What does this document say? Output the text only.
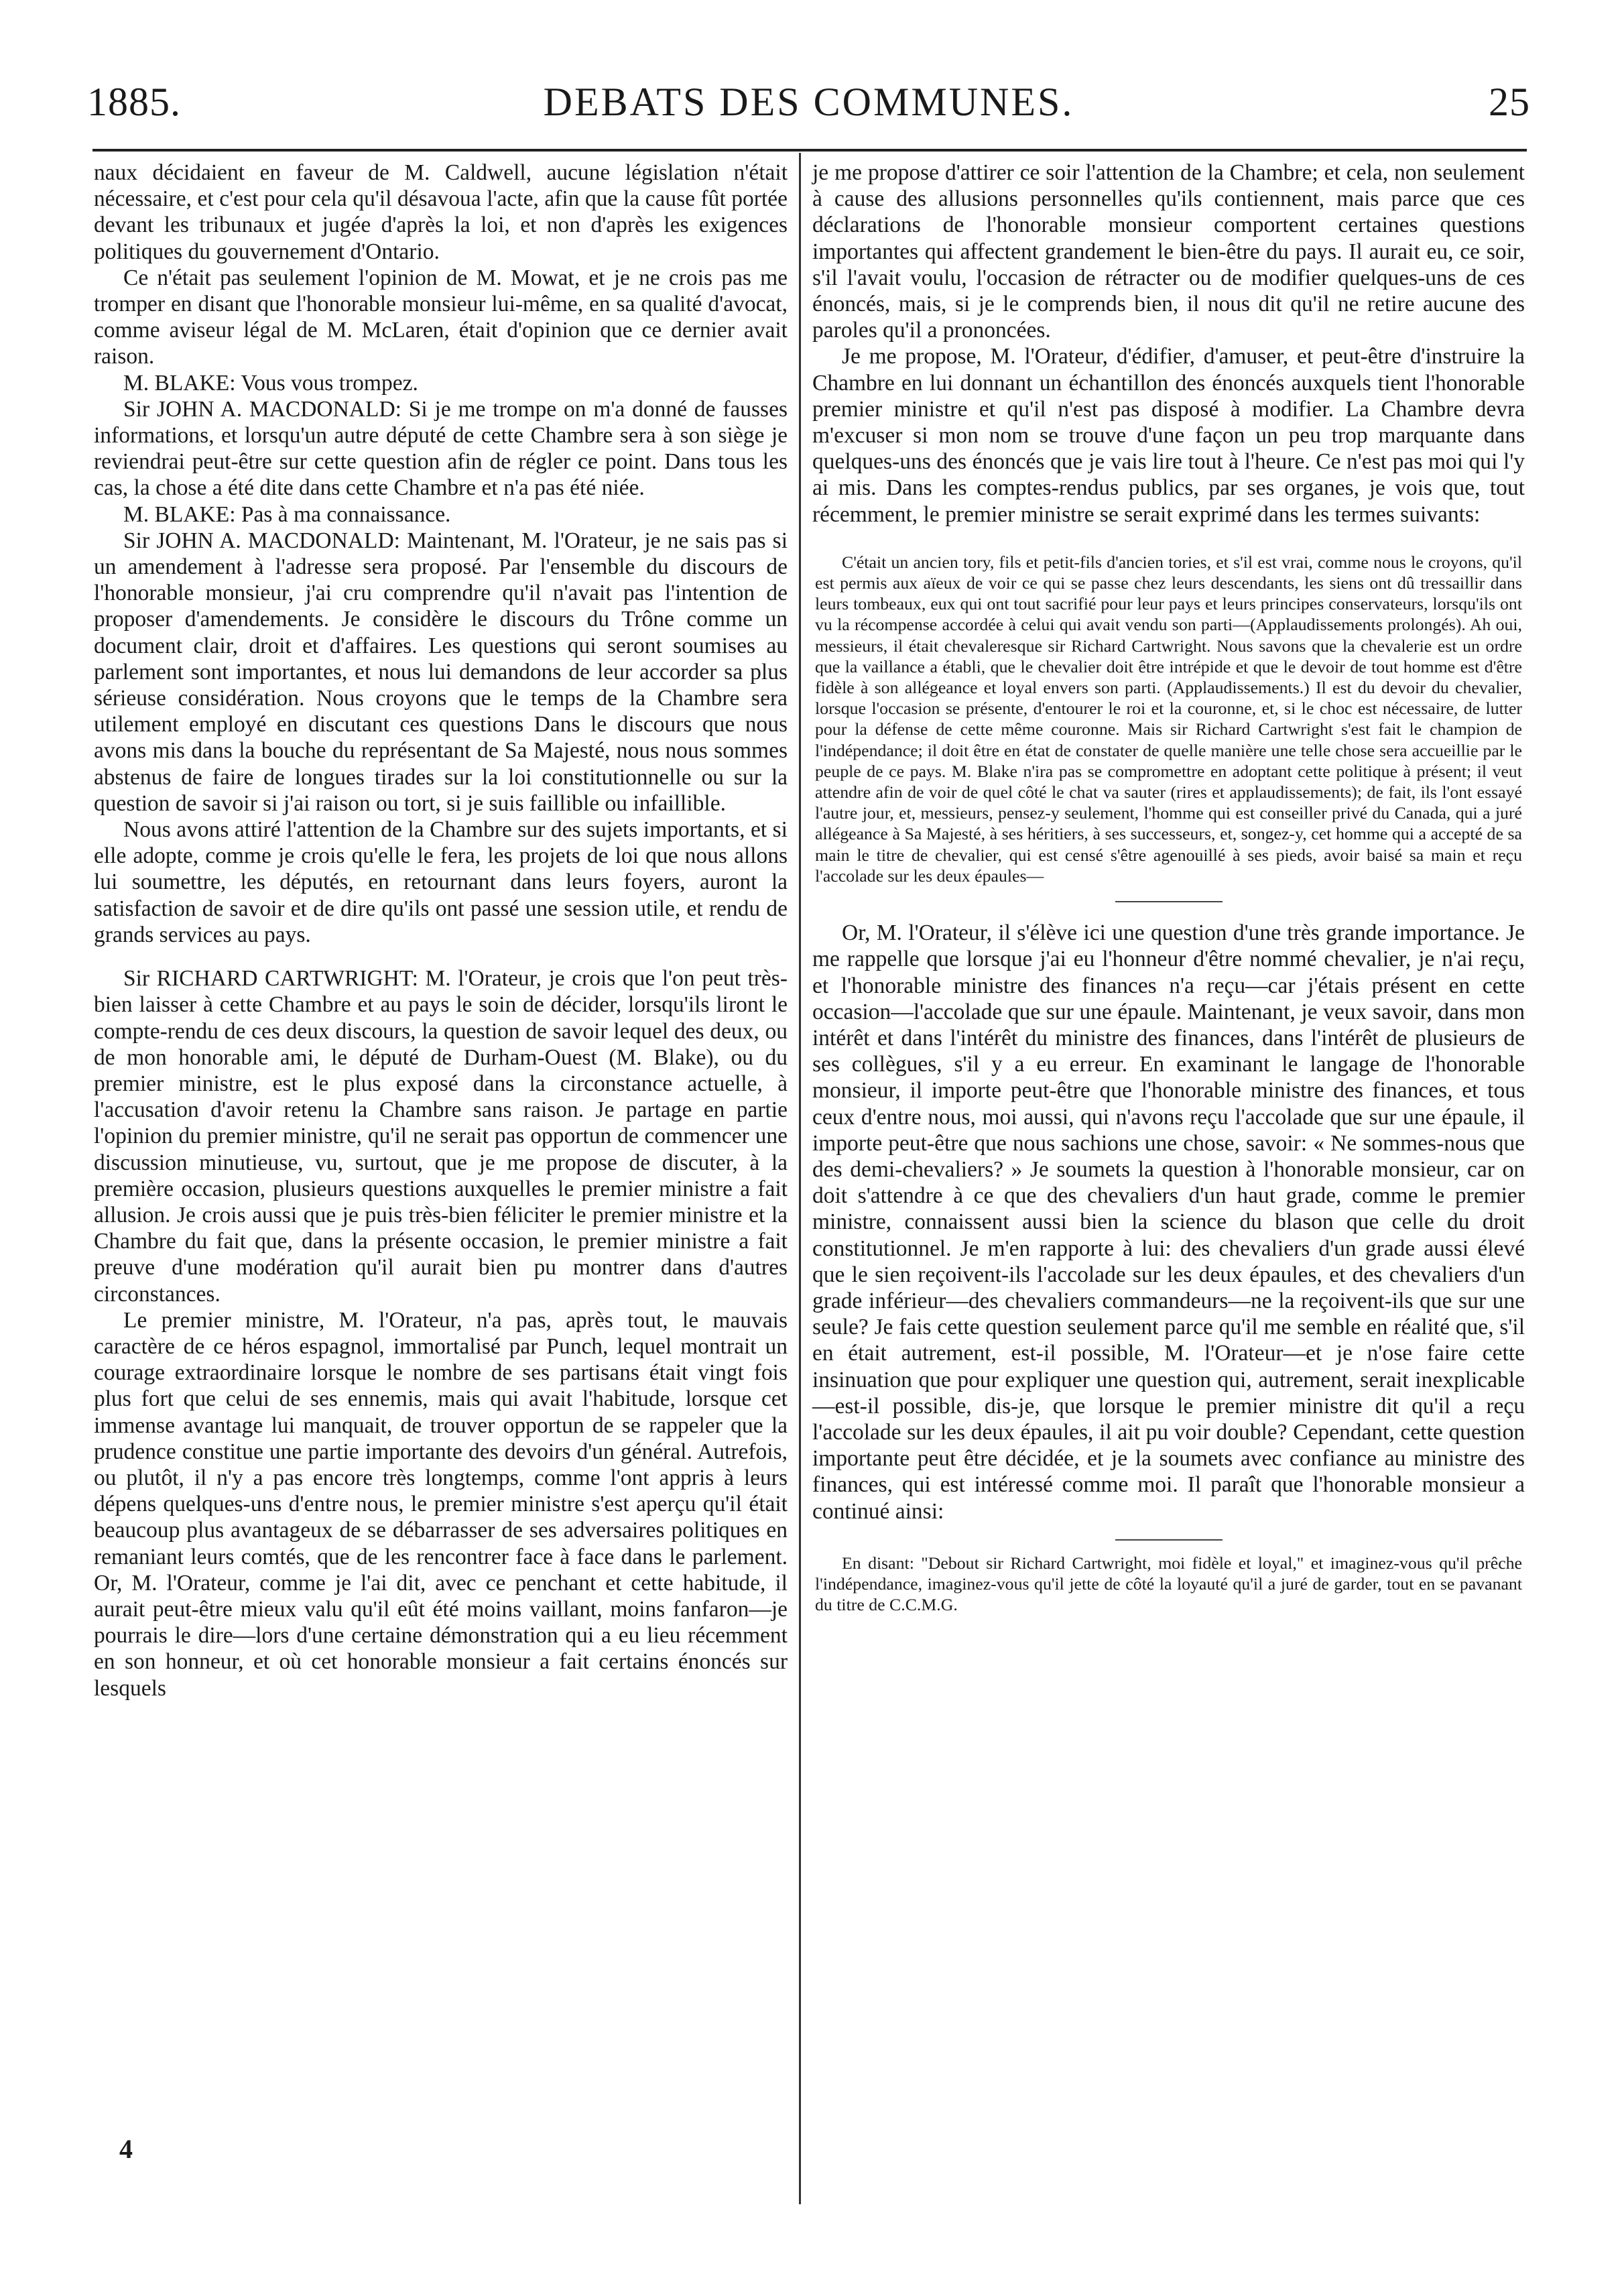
1885.	DEBATS DES COMMUNES.	25

naux décidaient en faveur de M. Caldwell, aucune législation n'était nécessaire, et c'est pour cela qu'il désavoua l'acte, afin que la cause fût portée devant les tribunaux et jugée d'après la loi, et non d'après les exigences politiques du gouvernement d'Ontario.

Ce n'était pas seulement l'opinion de M. Mowat, et je ne crois pas me tromper en disant que l'honorable monsieur lui-même, en sa qualité d'avocat, comme aviseur légal de M. McLaren, était d'opinion que ce dernier avait raison.

M. BLAKE: Vous vous trompez.

Sir JOHN A. MACDONALD: Si je me trompe on m'a donné de fausses informations, et lorsqu'un autre député de cette Chambre sera à son siège je reviendrai peut-être sur cette question afin de régler ce point. Dans tous les cas, la chose a été dite dans cette Chambre et n'a pas été niée.

M. BLAKE: Pas à ma connaissance.

Sir JOHN A. MACDONALD: Maintenant, M. l'Orateur, je ne sais pas si un amendement à l'adresse sera proposé. Par l'ensemble du discours de l'honorable monsieur, j'ai cru comprendre qu'il n'avait pas l'intention de proposer d'amendements. Je considère le discours du Trône comme un document clair, droit et d'affaires. Les questions qui seront soumises au parlement sont importantes, et nous lui demandons de leur accorder sa plus sérieuse considération. Nous croyons que le temps de la Chambre sera utilement employé en discutant ces questions Dans le discours que nous avons mis dans la bouche du représentant de Sa Majesté, nous nous sommes abstenus de faire de longues tirades sur la loi constitutionnelle ou sur la question de savoir si j'ai raison ou tort, si je suis faillible ou infaillible.

Nous avons attiré l'attention de la Chambre sur des sujets importants, et si elle adopte, comme je crois qu'elle le fera, les projets de loi que nous allons lui soumettre, les députés, en retournant dans leurs foyers, auront la satisfaction de savoir et de dire qu'ils ont passé une session utile, et rendu de grands services au pays.

Sir RICHARD CARTWRIGHT: M. l'Orateur, je crois que l'on peut très-bien laisser à cette Chambre et au pays le soin de décider, lorsqu'ils liront le compte-rendu de ces deux discours, la question de savoir lequel des deux, ou de mon honorable ami, le député de Durham-Ouest (M. Blake), ou du premier ministre, est le plus exposé dans la circonstance actuelle, à l'accusation d'avoir retenu la Chambre sans raison. Je partage en partie l'opinion du premier ministre, qu'il ne serait pas opportun de commencer une discussion minutieuse, vu, surtout, que je me propose de discuter, à la première occasion, plusieurs questions auxquelles le premier ministre a fait allusion. Je crois aussi que je puis très-bien féliciter le premier ministre et la Chambre du fait que, dans la présente occasion, le premier ministre a fait preuve d'une modération qu'il aurait bien pu montrer dans d'autres circonstances.

Le premier ministre, M. l'Orateur, n'a pas, après tout, le mauvais caractère de ce héros espagnol, immortalisé par Punch, lequel montrait un courage extraordinaire lorsque le nombre de ses partisans était vingt fois plus fort que celui de ses ennemis, mais qui avait l'habitude, lorsque cet immense avantage lui manquait, de trouver opportun de se rappeler que la prudence constitue une partie importante des devoirs d'un général. Autrefois, ou plutôt, il n'y a pas encore très longtemps, comme l'ont appris à leurs dépens quelques-uns d'entre nous, le premier ministre s'est aperçu qu'il était beaucoup plus avantageux de se débarrasser de ses adversaires politiques en remaniant leurs comtés, que de les rencontrer face à face dans le parlement. Or, M. l'Orateur, comme je l'ai dit, avec ce penchant et cette habitude, il aurait peut-être mieux valu qu'il eût été moins vaillant, moins fanfaron—je pourrais le dire—lors d'une certaine démonstration qui a eu lieu récemment en son honneur, et où cet honorable monsieur a fait certains énoncés sur lesquels

je me propose d'attirer ce soir l'attention de la Chambre; et cela, non seulement à cause des allusions personnelles qu'ils contiennent, mais parce que ces déclarations de l'honorable monsieur comportent certaines questions importantes qui affectent grandement le bien-être du pays. Il aurait eu, ce soir, s'il l'avait voulu, l'occasion de rétracter ou de modifier quelques-uns de ces énoncés, mais, si je le comprends bien, il nous dit qu'il ne retire aucune des paroles qu'il a prononcées.

Je me propose, M. l'Orateur, d'édifier, d'amuser, et peut-être d'instruire la Chambre en lui donnant un échantillon des énoncés auxquels tient l'honorable premier ministre et qu'il n'est pas disposé à modifier. La Chambre devra m'excuser si mon nom se trouve d'une façon un peu trop marquante dans quelques-uns des énoncés que je vais lire tout à l'heure. Ce n'est pas moi qui l'y ai mis. Dans les comptes-rendus publics, par ses organes, je vois que, tout récemment, le premier ministre se serait exprimé dans les termes suivants:

C'était un ancien tory, fils et petit-fils d'ancien tories, et s'il est vrai, comme nous le croyons, qu'il est permis aux aïeux de voir ce qui se passe chez leurs descendants, les siens ont dû tressaillir dans leurs tombeaux, eux qui ont tout sacrifié pour leur pays et leurs principes conservateurs, lorsqu'ils ont vu la récompense accordée à celui qui avait vendu son parti—(Applaudissements prolongés). Ah oui, messieurs, il était chevaleresque sir Richard Cartwright. Nous savons que la chevalerie est un ordre que la vaillance a établi, que le chevalier doit être intrépide et que le devoir de tout homme est d'être fidèle à son allégeance et loyal envers son parti. (Applaudissements.) Il est du devoir du chevalier, lorsque l'occasion se présente, d'entourer le roi et la couronne, et, si le choc est nécessaire, de lutter pour la défense de cette même couronne. Mais sir Richard Cartwright s'est fait le champion de l'indépendance; il doit être en état de constater de quelle manière une telle chose sera accueillie par le peuple de ce pays. M. Blake n'ira pas se compromettre en adoptant cette politique à présent; il veut attendre afin de voir de quel côté le chat va sauter (rires et applaudissements); de fait, ils l'ont essayé l'autre jour, et, messieurs, pensez-y seulement, l'homme qui est conseiller privé du Canada, qui a juré allégeance à Sa Majesté, à ses héritiers, à ses successeurs, et, songez-y, cet homme qui a accepté de sa main le titre de chevalier, qui est censé s'être agenouillé à ses pieds, avoir baisé sa main et reçu l'accolade sur les deux épaules—

Or, M. l'Orateur, il s'élève ici une question d'une très grande importance. Je me rappelle que lorsque j'ai eu l'honneur d'être nommé chevalier, je n'ai reçu, et l'honorable ministre des finances n'a reçu—car j'étais présent en cette occasion—l'accolade que sur une épaule. Maintenant, je veux savoir, dans mon intérêt et dans l'intérêt du ministre des finances, dans l'intérêt de plusieurs de ses collègues, s'il y a eu erreur. En examinant le langage de l'honorable monsieur, il importe peut-être que l'honorable ministre des finances, et tous ceux d'entre nous, moi aussi, qui n'avons reçu l'accolade que sur une épaule, il importe peut-être que nous sachions une chose, savoir: « Ne sommes-nous que des demi-chevaliers? » Je soumets la question à l'honorable monsieur, car on doit s'attendre à ce que des chevaliers d'un haut grade, comme le premier ministre, connaissent aussi bien la science du blason que celle du droit constitutionnel. Je m'en rapporte à lui: des chevaliers d'un grade aussi élevé que le sien reçoivent-ils l'accolade sur les deux épaules, et des chevaliers d'un grade inférieur—des chevaliers commandeurs—ne la reçoivent-ils que sur une seule? Je fais cette question seulement parce qu'il me semble en réalité que, s'il en était autrement, est-il possible, M. l'Orateur—et je n'ose faire cette insinuation que pour expliquer une question qui, autrement, serait inexplicable—est-il possible, dis-je, que lorsque le premier ministre dit qu'il a reçu l'accolade sur les deux épaules, il ait pu voir double? Cependant, cette question importante peut être décidée, et je la soumets avec confiance au ministre des finances, qui est intéressé comme moi. Il paraît que l'honorable monsieur a continué ainsi:

En disant: "Debout sir Richard Cartwright, moi fidèle et loyal," et imaginez-vous qu'il prêche l'indépendance, imaginez-vous qu'il jette de côté la loyauté qu'il a juré de garder, tout en se pavanant du titre de C.C.M.G.

4
